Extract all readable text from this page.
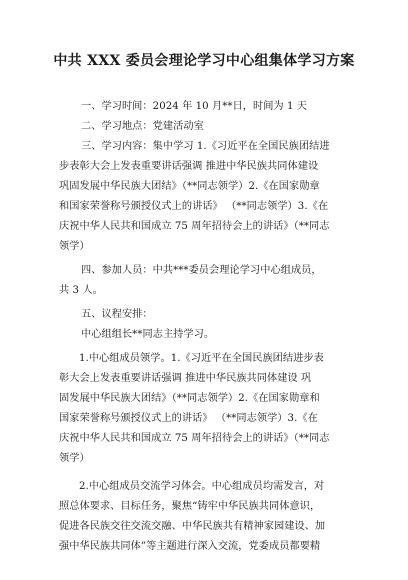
中共 XXX 委员会理论学习中心组集体学习方案
一、学习时间：2024 年 10 月**日，时间为 1 天
二、学习地点：党建活动室
三、学习内容：集中学习 1.《习近平在全国民族团结进
步表彰大会上发表重要讲话强调 推进中华民族共同体建设
巩固发展中华民族大团结》（**同志领学）2.《在国家勋章
和国家荣誉称号颁授仪式上的讲话》 （**同志领学）3.《在
庆祝中华人民共和国成立 75 周年招待会上的讲话》（**同志
领学）
四、参加人员：中共***委员会理论学习中心组成员，
共 3 人。
五、议程安排：
中心组组长**同志主持学习。
1.中心组成员领学。1.《习近平在全国民族团结进步表
彰大会上发表重要讲话强调 推进中华民族共同体建设 巩
固发展中华民族大团结》（**同志领学）2.《在国家勋章和
国家荣誉称号颁授仪式上的讲话》 （**同志领学）3.《在
庆祝中华人民共和国成立 75 周年招待会上的讲话》（**同志
领学）
2.中心组成员交流学习体会。中心组成员均需发言，对
照总体要求、目标任务，聚焦“铸牢中华民族共同体意识，
促进各民族交往交流交融、中华民族共有精神家园建设、加
强中华民族共同体”等主题进行深入交流，党委成员都要精
